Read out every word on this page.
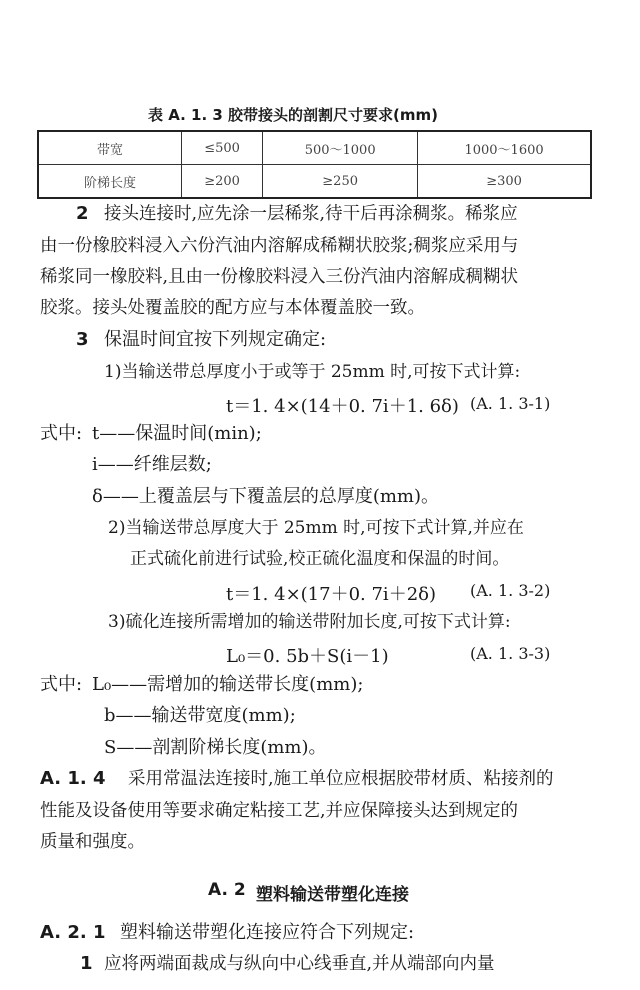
表 A. 1. 3 胶带接头的剖割尺寸要求(mm)
带宽	≤500	500～1000	1000～1600
阶梯长度	≥200	≥250	≥300
2 接头连接时,应先涂一层稀浆,待干后再涂稠浆。稀浆应
由一份橡胶料浸入六份汽油内溶解成稀糊状胶浆;稠浆应采用与
稀浆同一橡胶料,且由一份橡胶料浸入三份汽油内溶解成稠糊状
胶浆。接头处覆盖胶的配方应与本体覆盖胶一致。
3 保温时间宜按下列规定确定:
1)当输送带总厚度小于或等于 25mm 时,可按下式计算:
t＝1. 4×(14＋0. 7i＋1. 6δ) (A. 1. 3-1)
式中: t——保温时间(min);
i——纤维层数;
δ——上覆盖层与下覆盖层的总厚度(mm)。
2)当输送带总厚度大于 25mm 时,可按下式计算,并应在
正式硫化前进行试验,校正硫化温度和保温的时间。
t＝1. 4×(17＋0. 7i＋2δ) (A. 1. 3-2)
3)硫化连接所需增加的输送带附加长度,可按下式计算:
L₀＝0. 5b＋S(i－1)	(A. 1. 3-3)
式中: L₀——需增加的输送带长度(mm);
b——输送带宽度(mm);
S——剖割阶梯长度(mm)。
A. 1. 4 采用常温法连接时,施工单位应根据胶带材质、粘接剂的
性能及设备使用等要求确定粘接工艺,并应保障接头达到规定的
质量和强度。
A. 2 塑料输送带塑化连接
A. 2. 1 塑料输送带塑化连接应符合下列规定:
1 应将两端面裁成与纵向中心线垂直,并从端部向内量
